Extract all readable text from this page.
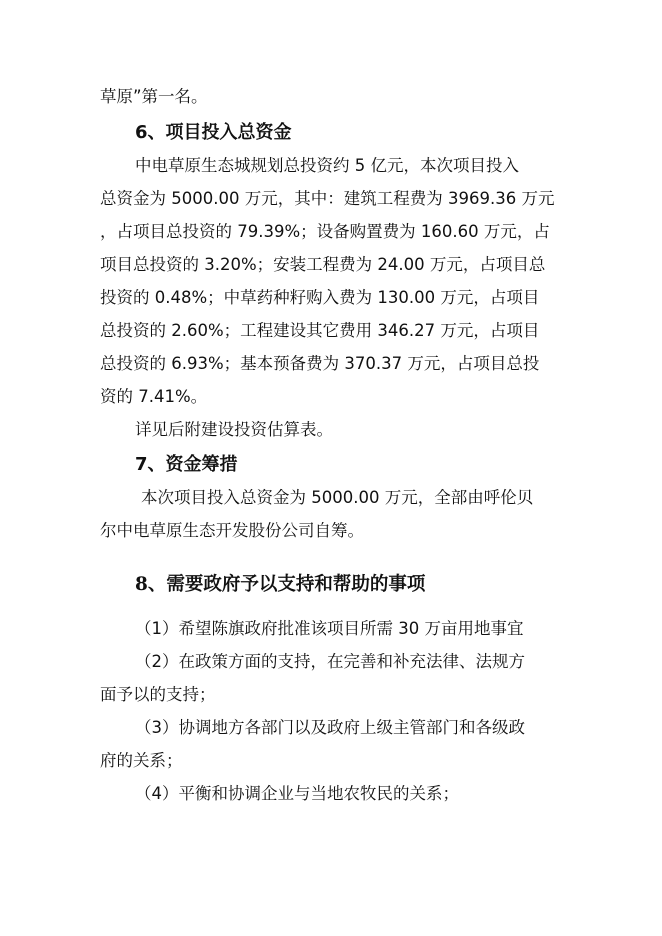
草原”第一名。
6、项目投入总资金
中电草原生态城规划总投资约 5 亿元，本次项目投入
总资金为 5000.00 万元，其中：建筑工程费为 3969.36 万元
，占项目总投资的 79.39%；设备购置费为 160.60 万元，占
项目总投资的 3.20%；安装工程费为 24.00 万元，占项目总
投资的 0.48%；中草药种籽购入费为 130.00 万元，占项目
总投资的 2.60%；工程建设其它费用 346.27 万元，占项目
总投资的 6.93%；基本预备费为 370.37 万元，占项目总投
资的 7.41%。
详见后附建设投资估算表。
7、资金筹措
本次项目投入总资金为 5000.00 万元，全部由呼伦贝
尔中电草原生态开发股份公司自筹。
8、需要政府予以支持和帮助的事项
（1）希望陈旗政府批准该项目所需 30 万亩用地事宜
（2）在政策方面的支持，在完善和补充法律、法规方
面予以的支持；
（3）协调地方各部门以及政府上级主管部门和各级政
府的关系；
（4）平衡和协调企业与当地农牧民的关系；
